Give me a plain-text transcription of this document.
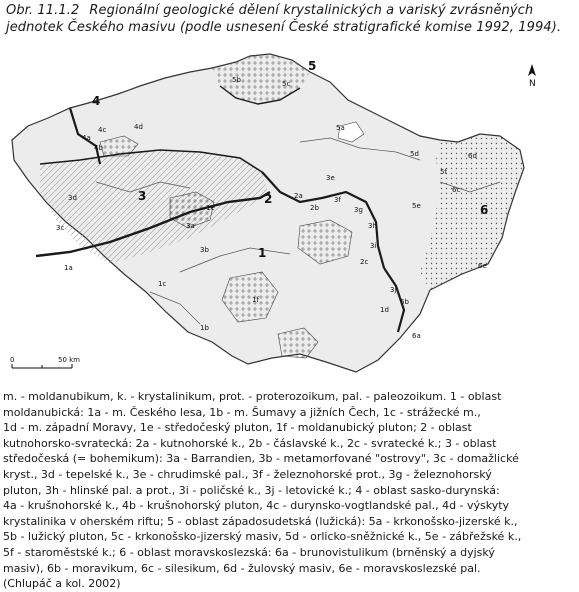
Obr. 11.1.2 Regionální geologické dělení krystalinických a variský zvrásněných
jednotek Českého masivu (podle usnesení České stratigrafické komise 1992, 1994).
4
5
3	2
1
6
4a
4b
4c	4d
3a
3b
3c
3d
3e
3f
3g
3h
3i
3j
2a
2b
2c
1a
1b
1c
1d
1e
1f
5a
5b	5c
5d
5e
5f
6a
6b
6c
6d
6e
N
0	50 km

m. - moldanubikum, k. - krystalinikum, prot. - proterozoikum, pal. - paleozoikum. 1 - oblast

moldanubická: 1a - m. Českého lesa, 1b - m. Šumavy a jižních Čech, 1c - strážecké m.,

1d - m. západní Moravy, 1e - středočeský pluton, 1f - moldanubický pluton; 2 - oblast

kutnohorsko-svratecká: 2a - kutnohorské k., 2b - čáslavské k., 2c - svratecké k.; 3 - oblast

středočeská (= bohemikum): 3a - Barrandien, 3b - metamorfované "ostrovy", 3c - domažlické

kryst., 3d - tepelské k., 3e - chrudimské pal., 3f - železnohorské prot., 3g - železnohorský

pluton, 3h - hlinské pal. a prot., 3i - poličské k., 3j - letovické k.; 4 - oblast sasko-durynská:

4a - krušnohorské k., 4b - krušnohorský pluton, 4c - durynsko-vogtlandské pal., 4d - výskyty

krystalinika v oherském riftu; 5 - oblast západosudetská (lužická): 5a - krkonošsko-jizerské k.,

5b - lužický pluton, 5c - krkonošsko-jizerský masiv, 5d - orlicko-sněžnické k., 5e - zábřežské k.,

5f - staroměstské k.; 6 - oblast moravskoslezská: 6a - brunovistulikum (brněnský a dyjský

masiv), 6b - moravikum, 6c - silesikum, 6d - žulovský masiv, 6e - moravskoslezské pal.

(Chlupáč a kol. 2002)
